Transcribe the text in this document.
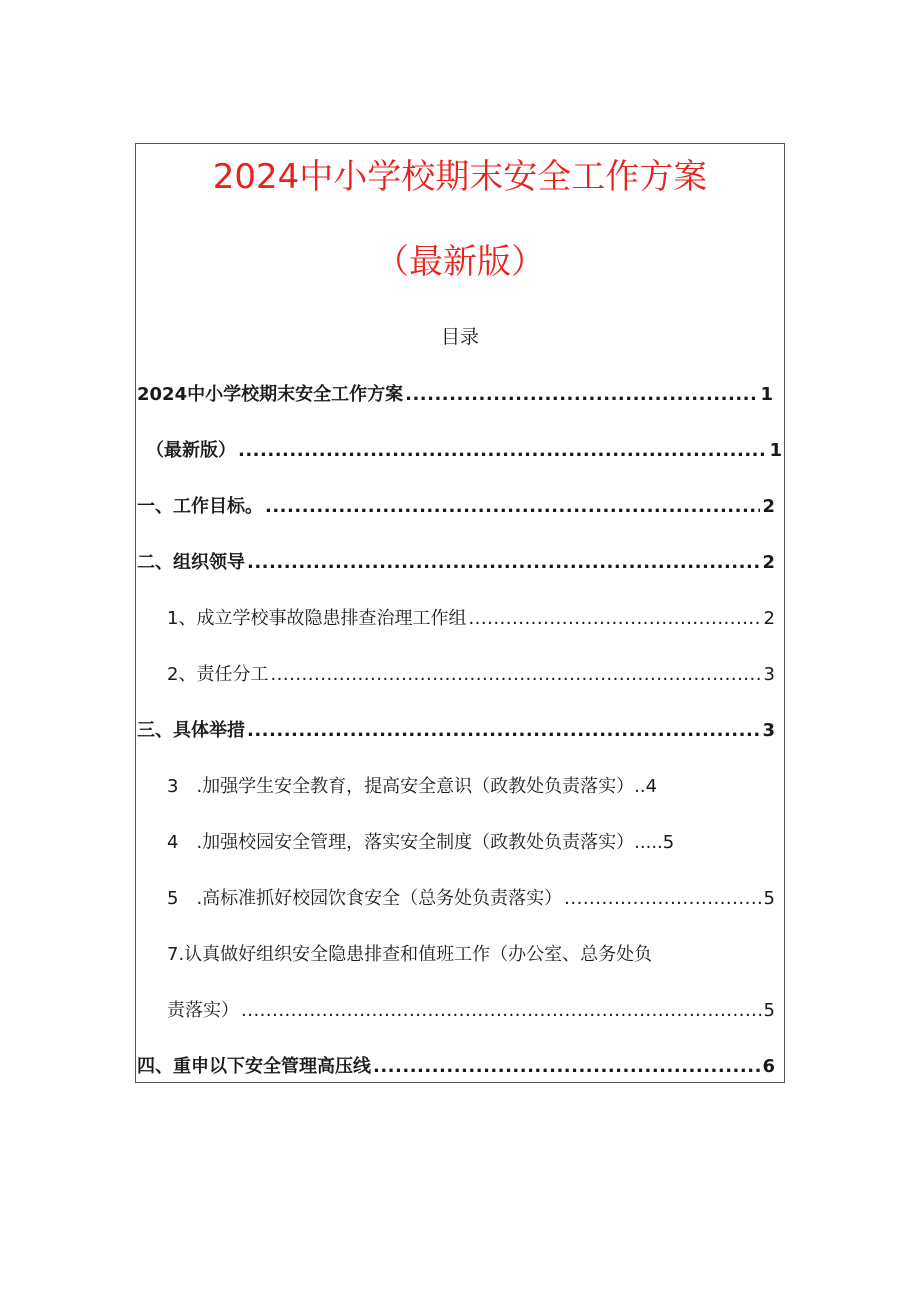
2024中小学校期末安全工作方案
（最新版）
目录
2024中小学校期末安全工作方案 .....	1
（最新版） .....	1
一、工作目标。 .....	2
二、组织领导 .....	2
1、成立学校事故隐患排查治理工作组 .....	2
2、责任分工 .....	3
三、具体举措 .....	3
3　.加强学生安全教育，提高安全意识（政教处负责落实）..4
4　.加强校园安全管理，落实安全制度（政教处负责落实）.....5
5　.高标准抓好校园饮食安全（总务处负责落实） .....	5
7.认真做好组织安全隐患排查和值班工作（办公室、总务处负
责落实） .....	5
四、重申以下安全管理高压线 .....	6
